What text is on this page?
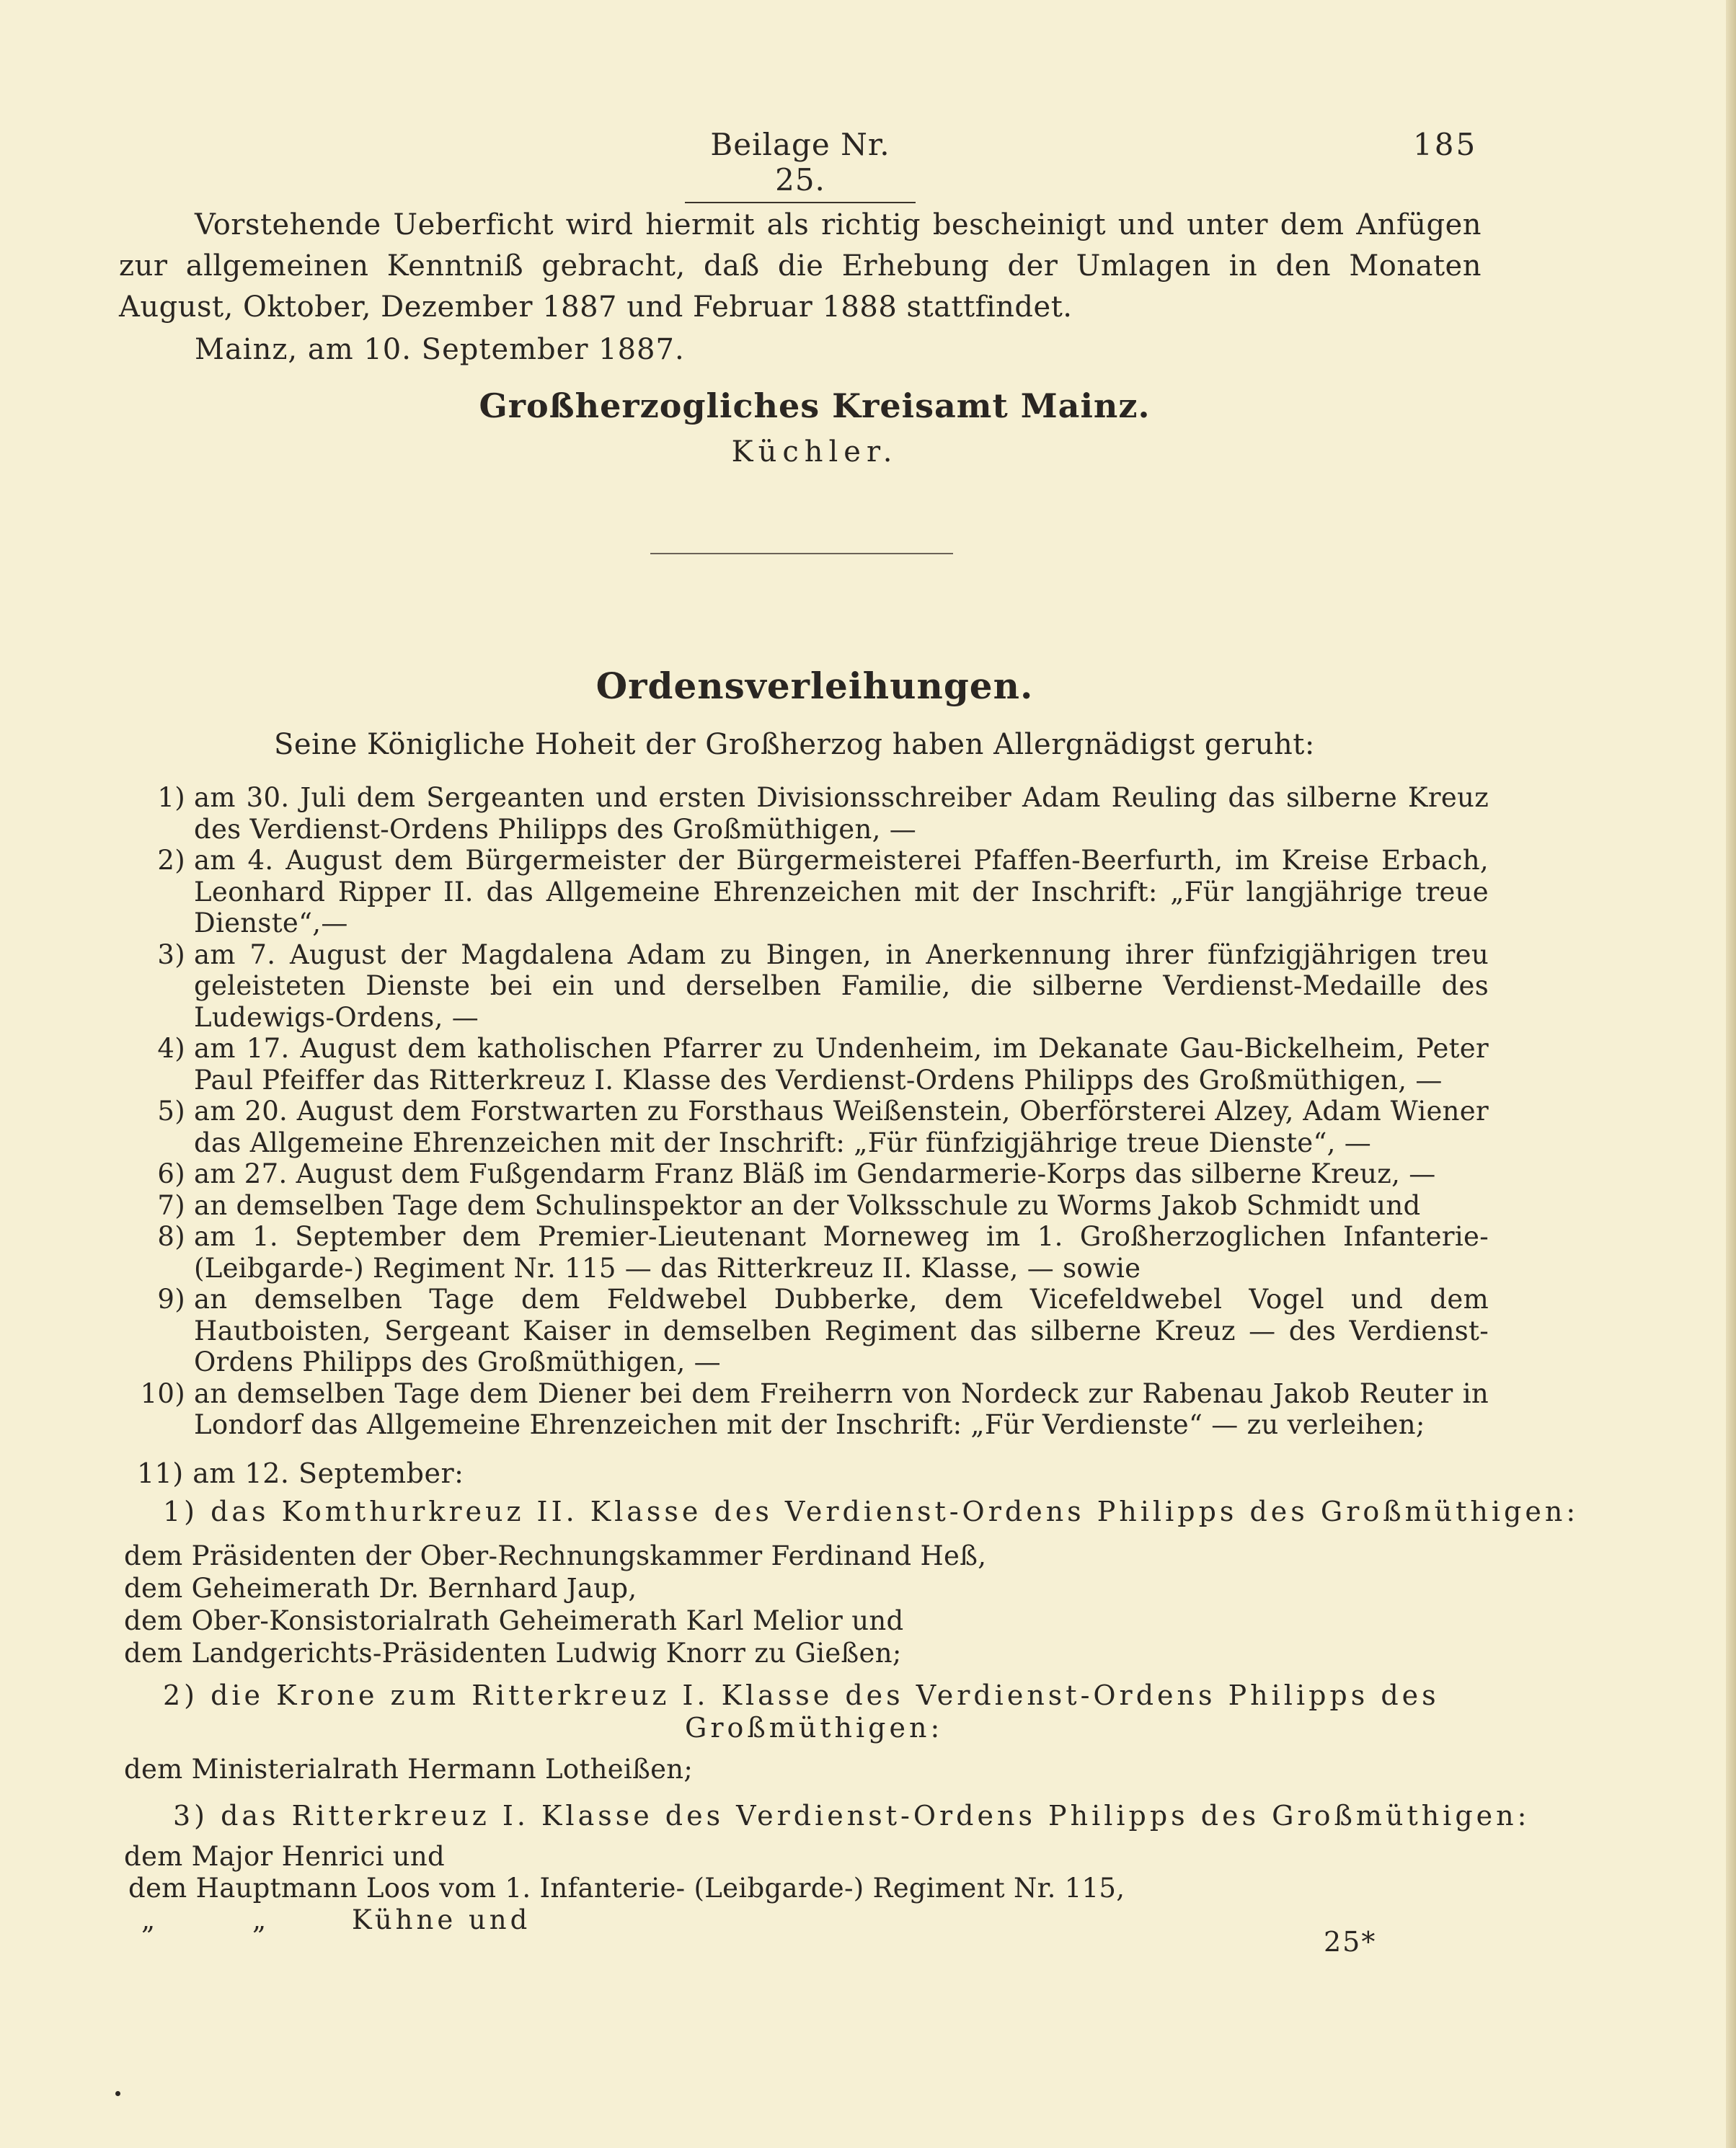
Beilage Nr. 25.
185
Vorstehende Ueberficht wird hiermit als richtig bescheinigt und unter dem Anfügen zur allgemeinen Kenntniß gebracht, daß die Erhebung der Umlagen in den Monaten August, Oktober, Dezember 1887 und Februar 1888 stattfindet.
Mainz, am 10. September 1887.
Großherzogliches Kreisamt Mainz.
Küchler.
Ordensverleihungen.
Seine Königliche Hoheit der Großherzog haben Allergnädigst geruht:
1) am 30. Juli dem Sergeanten und ersten Divisionsschreiber Adam Reuling das silberne Kreuz des Verdienst-Ordens Philipps des Großmüthigen, —
2) am 4. August dem Bürgermeister der Bürgermeisterei Pfaffen-Beerfurth, im Kreise Erbach, Leonhard Ripper II. das Allgemeine Ehrenzeichen mit der Inschrift: „Für langjährige treue Dienste“,—
3) am 7. August der Magdalena Adam zu Bingen, in Anerkennung ihrer fünfzigjährigen treu geleisteten Dienste bei ein und derselben Familie, die silberne Verdienst-Medaille des Ludewigs-Ordens, —
4) am 17. August dem katholischen Pfarrer zu Undenheim, im Dekanate Gau-Bickelheim, Peter Paul Pfeiffer das Ritterkreuz I. Klasse des Verdienst-Ordens Philipps des Großmüthigen, —
5) am 20. August dem Forstwarten zu Forsthaus Weißenstein, Oberförsterei Alzey, Adam Wiener das Allgemeine Ehrenzeichen mit der Inschrift: „Für fünfzigjährige treue Dienste“, —
6) am 27. August dem Fußgendarm Franz Bläß im Gendarmerie-Korps das silberne Kreuz, —
7) an demselben Tage dem Schulinspektor an der Volksschule zu Worms Jakob Schmidt und
8) am 1. September dem Premier-Lieutenant Morneweg im 1. Großherzoglichen Infanterie-(Leibgarde-) Regiment Nr. 115 — das Ritterkreuz II. Klasse, — sowie
9) an demselben Tage dem Feldwebel Dubberke, dem Vicefeldwebel Vogel und dem Hautboisten, Sergeant Kaiser in demselben Regiment das silberne Kreuz — des Verdienst-Ordens Philipps des Großmüthigen, —
10) an demselben Tage dem Diener bei dem Freiherrn von Nordeck zur Rabenau Jakob Reuter in Londorf das Allgemeine Ehrenzeichen mit der Inschrift: „Für Verdienste“ — zu verleihen;
11) am 12. September:
1) das Komthurkreuz II. Klasse des Verdienst-Ordens Philipps des Großmüthigen:
dem Präsidenten der Ober-Rechnungskammer Ferdinand Heß,
dem Geheimerath Dr. Bernhard Jaup,
dem Ober-Konsistorialrath Geheimerath Karl Melior und
dem Landgerichts-Präsidenten Ludwig Knorr zu Gießen;
2) die Krone zum Ritterkreuz I. Klasse des Verdienst-Ordens Philipps des
Großmüthigen:
dem Ministerialrath Hermann Lotheißen;
3) das Ritterkreuz I. Klasse des Verdienst-Ordens Philipps des Großmüthigen:
dem Major Henrici und
dem Hauptmann Loos vom 1. Infanterie- (Leibgarde-) Regiment Nr. 115,
„	„	Kühne und
25*
